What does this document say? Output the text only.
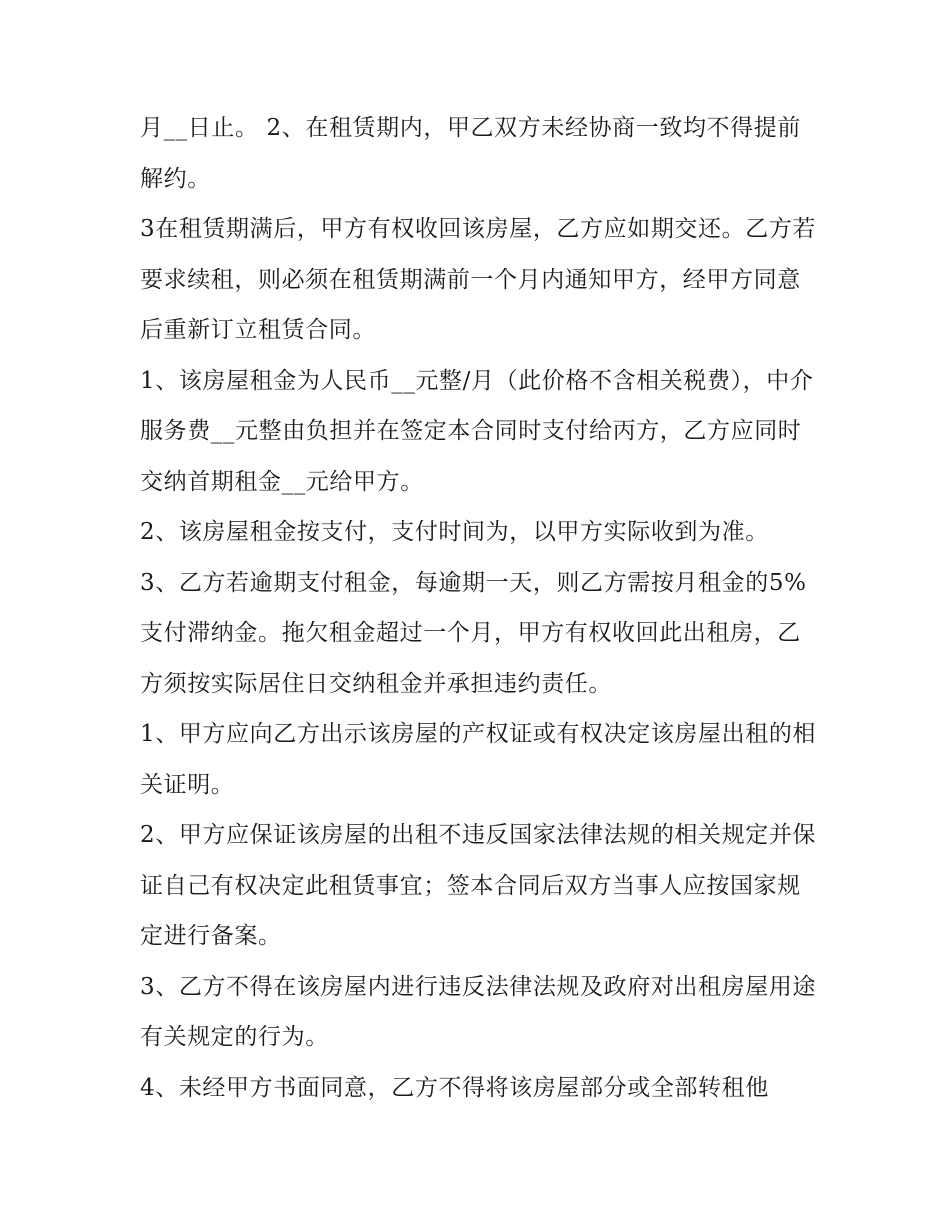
月__日止。 2、在租赁期内，甲乙双方未经协商一致均不得提前解约。

3在租赁期满后，甲方有权收回该房屋，乙方应如期交还。乙方若要求续租，则必须在租赁期满前一个月内通知甲方，经甲方同意后重新订立租赁合同。

1、该房屋租金为人民币__元整/月（此价格不含相关税费），中介服务费__元整由负担并在签定本合同时支付给丙方，乙方应同时交纳首期租金__元给甲方。

2、该房屋租金按支付，支付时间为，以甲方实际收到为准。

3、乙方若逾期支付租金，每逾期一天，则乙方需按月租金的5%支付滞纳金。拖欠租金超过一个月，甲方有权收回此出租房，乙方须按实际居住日交纳租金并承担违约责任。

1、甲方应向乙方出示该房屋的产权证或有权决定该房屋出租的相关证明。

2、甲方应保证该房屋的出租不违反国家法律法规的相关规定并保证自己有权决定此租赁事宜；签本合同后双方当事人应按国家规定进行备案。

3、乙方不得在该房屋内进行违反法律法规及政府对出租房屋用途有关规定的行为。

4、未经甲方书面同意，乙方不得将该房屋部分或全部转租他
